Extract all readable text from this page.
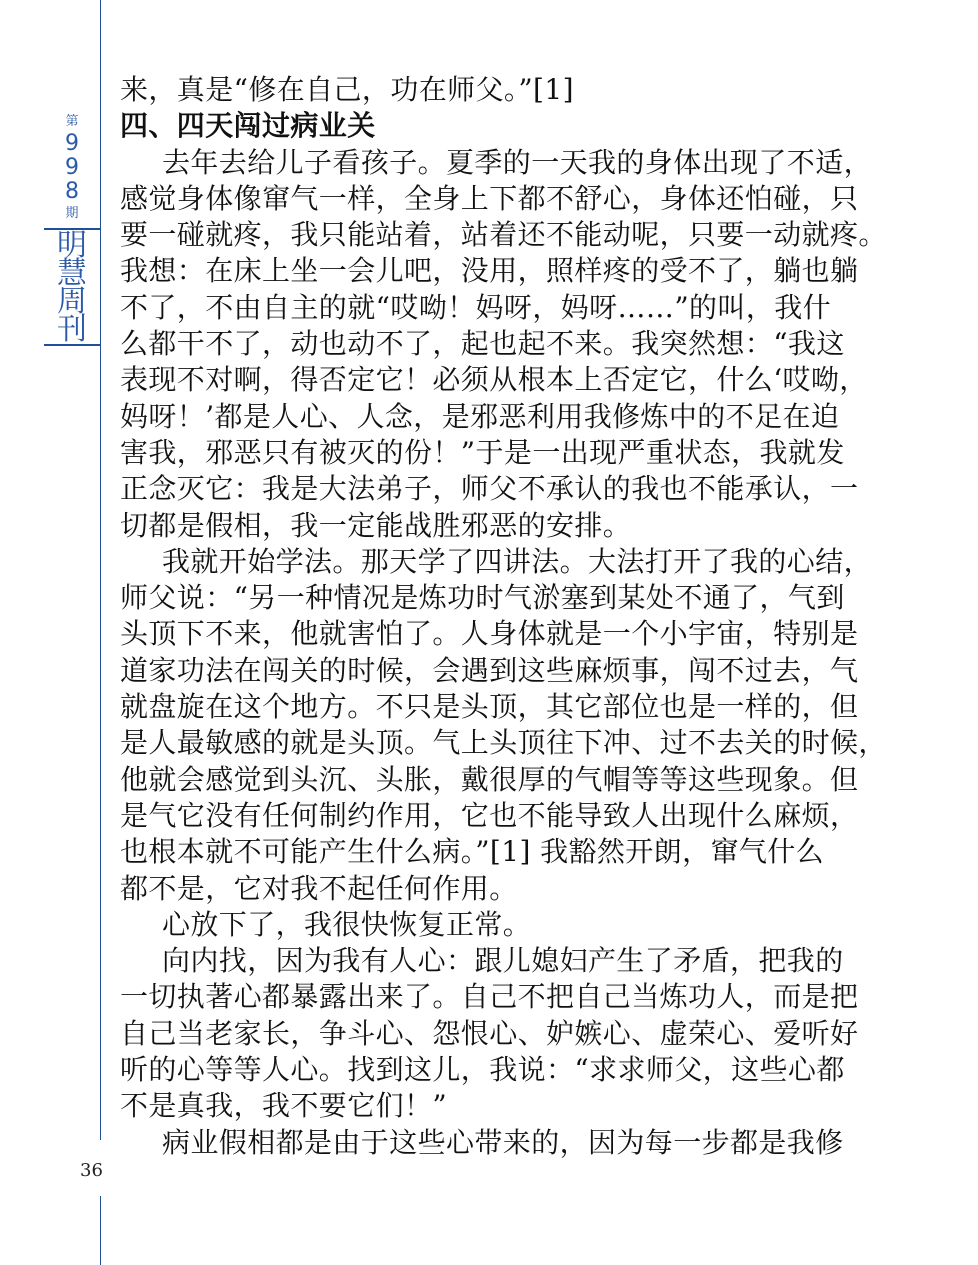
第
9
9
8
期
明
慧
周
刊
36
来，真是“修在自己，功在师父。”[1]
四、四天闯过病业关
去年去给儿子看孩子。夏季的一天我的身体出现了不适，
感觉身体像窜气一样，全身上下都不舒心，身体还怕碰，只
要一碰就疼，我只能站着，站着还不能动呢，只要一动就疼。
我想：在床上坐一会儿吧，没用，照样疼的受不了，躺也躺
不了，不由自主的就“哎呦！妈呀，妈呀……”的叫，我什
么都干不了，动也动不了，起也起不来。我突然想：“我这
表现不对啊，得否定它！必须从根本上否定它，什么‘哎呦，
妈呀！’都是人心、人念，是邪恶利用我修炼中的不足在迫
害我，邪恶只有被灭的份！”于是一出现严重状态，我就发
正念灭它：我是大法弟子，师父不承认的我也不能承认，一
切都是假相，我一定能战胜邪恶的安排。
我就开始学法。那天学了四讲法。大法打开了我的心结，
师父说：“另一种情况是炼功时气淤塞到某处不通了，气到
头顶下不来，他就害怕了。人身体就是一个小宇宙，特别是
道家功法在闯关的时候，会遇到这些麻烦事，闯不过去，气
就盘旋在这个地方。不只是头顶，其它部位也是一样的，但
是人最敏感的就是头顶。气上头顶往下冲、过不去关的时候，
他就会感觉到头沉、头胀，戴很厚的气帽等等这些现象。但
是气它没有任何制约作用，它也不能导致人出现什么麻烦，
也根本就不可能产生什么病。”[1] 我豁然开朗，窜气什么
都不是，它对我不起任何作用。
心放下了，我很快恢复正常。
向内找，因为我有人心：跟儿媳妇产生了矛盾，把我的
一切执著心都暴露出来了。自己不把自己当炼功人，而是把
自己当老家长，争斗心、怨恨心、妒嫉心、虚荣心、爱听好
听的心等等人心。找到这儿，我说：“求求师父，这些心都
不是真我，我不要它们！”
病业假相都是由于这些心带来的，因为每一步都是我修
